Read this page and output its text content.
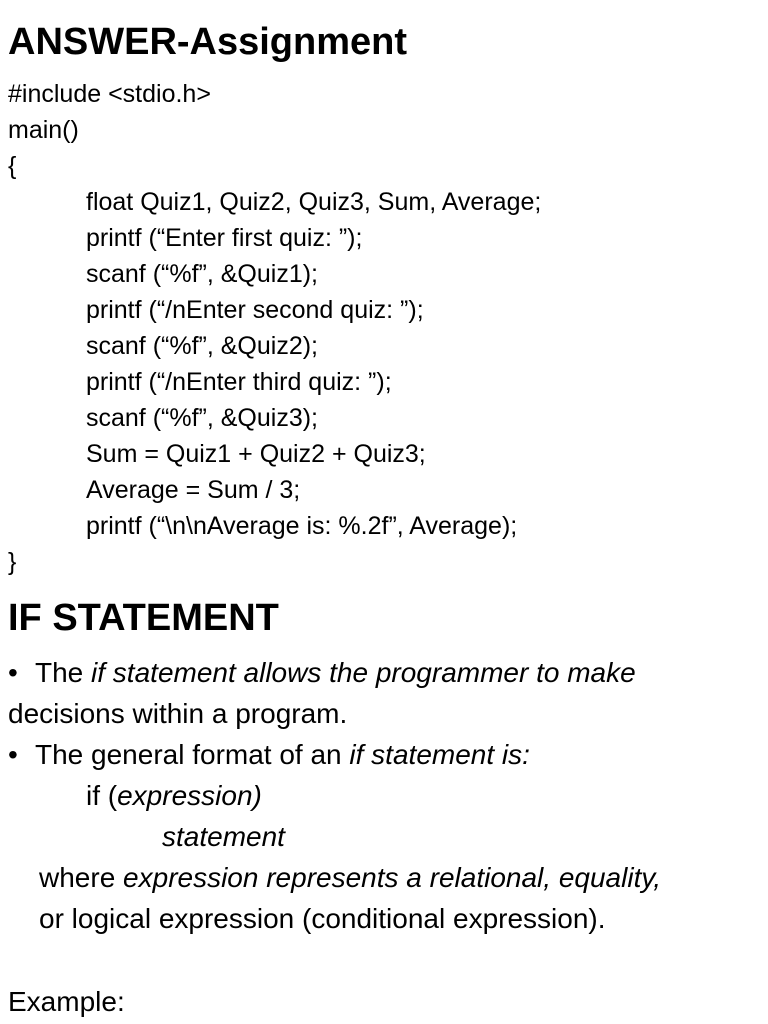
ANSWER-Assignment
#include <stdio.h>
main()
{
float Quiz1, Quiz2, Quiz3, Sum, Average;
printf (“Enter first quiz: ”);
scanf (“%f”, &Quiz1);
printf (“/nEnter second quiz: ”);
scanf (“%f”, &Quiz2);
printf (“/nEnter third quiz: ”);
scanf (“%f”, &Quiz3);
Sum = Quiz1 + Quiz2 + Quiz3;
Average = Sum / 3;
printf (“\n\nAverage is: %.2f”, Average);
}
IF STATEMENT
• The if statement allows the programmer to make
decisions within a program.
• The general format of an if statement is:
if (expression)
statement
where expression represents a relational, equality,
or logical expression (conditional expression).
Example:
